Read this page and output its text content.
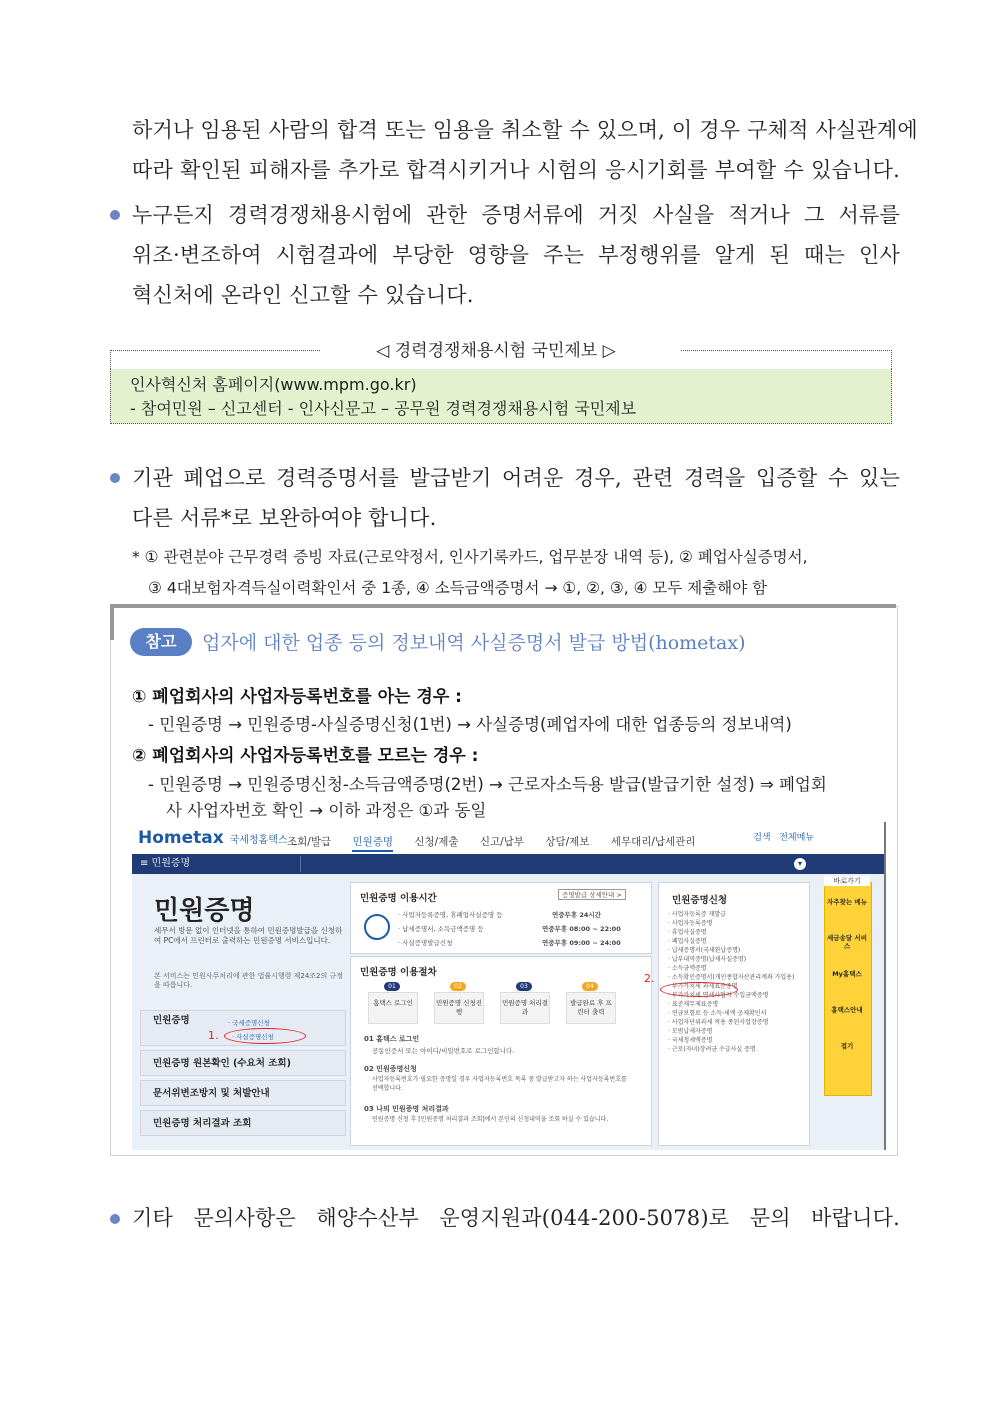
하거나 임용된 사람의 합격 또는 임용을 취소할 수 있으며, 이 경우 구체적 사실관계에
따라 확인된 피해자를 추가로 합격시키거나 시험의 응시기회를 부여할 수 있습니다.
누구든지 경력경쟁채용시험에 관한 증명서류에 거짓 사실을 적거나 그 서류를
위조·변조하여 시험결과에 부당한 영향을 주는 부정행위를 알게 된 때는 인사
혁신처에 온라인 신고할 수 있습니다.
◁ 경력경쟁채용시험 국민제보 ▷
인사혁신처 홈페이지(www.mpm.go.kr)
- 참여민원 – 신고센터 - 인사신문고 – 공무원 경력경쟁채용시험 국민제보
기관 폐업으로 경력증명서를 발급받기 어려운 경우, 관련 경력을 입증할 수 있는
다른 서류*로 보완하여야 합니다.
* ① 관련분야 근무경력 증빙 자료(근로약정서, 인사기록카드, 업무분장 내역 등), ② 폐업사실증명서,
③ 4대보험자격득실이력확인서 중 1종, ④ 소득금액증명서 → ①, ②, ③, ④ 모두 제출해야 함
참고	업자에 대한 업종 등의 정보내역 사실증명서 발급 방법(hometax)
① 폐업회사의 사업자등록번호를 아는 경우 :
- 민원증명 → 민원증명-사실증명신청(1번) → 사실증명(폐업자에 대한 업종등의 정보내역)
② 폐업회사의 사업자등록번호를 모르는 경우 :
- 민원증명 → 민원증명신청-소득금액증명(2번) → 근로자소득용 발급(발급기한 설정) ⇒ 폐업회
사 사업자번호 확인 → 이하 과정은 ①과 동일
Hometax 국세청홈택스 조회/발급 민원증명 신청/제출 신고/납부 상담/제보 세무대리/납세관리	검색 전체메뉴
≡ 민원증명	▾
민원증명
세무서 방문 없이 인터넷을 통하여 민원증명발급을 신청하여 PC에서 프린터로 출력하는 민원증명 서비스입니다.
본 서비스는 민원사무처리에 관한 법률시행령 제24조2의 규정을 따릅니다.
민원증명	· 국세증명신청
· 사실증명신청
1.
민원증명 원본확인 (수요처 조회)
문서위변조방지 및 처발안내
민원증명 처리결과 조회
민원증명 이용시간	증명발급 상세안내 >
· 사업자등록증명, 휴폐업사실증명 등	연중무휴 24시간
· 납세증명서, 소득금액증명 등	연중무휴 08:00 ~ 22:00
· 사실증명발급신청	연중무휴 09:00 ~ 24:00
민원증명 이용절차
01	02	03	04
홈택스 로그인	민원증명 신청진행
민원증명 처리결과
발급완료 후 프린터 출력
01 홈택스 로그인
공동인증서 또는 아이디/비밀번호로 로그인합니다.
02 민원증명신청
사업자등록번호가 필요한 증명일 경우 사업자등록번호 목록 중 발급받고자 하는 사업자등록번호를 선택합니다.
03 나의 민원증명 처리결과
민원증명 신청 후 [민원증명 처리결과 조회]에서 본인의 신청내역을 조회 하실 수 있습니다.
민원증명신청
· 사업자등록증 재발급
· 사업자등록증명
· 휴업사실증명
· 폐업사실증명
· 납세증명서(국세완납증명)
· 납부내역증명(납세사실증명)
· 소득금액증명
· 소득확인증명서(개인종합자산관리계좌 가입용)
· 부가가치세 과세표준증명
· 부가가치세 면세사업자 수입금액증명
· 표준재무제표증명
· 연금보험료 등 소득·세액 공제확인서
· 사업자단위과세 적용 종된사업장증명
· 모범납세자증명
· 국세청세액증명
· 근로(자녀)장려금 수급사실 증명
2.
바로가기
자주찾는 메뉴
세금송달 서비스
My홈택스
홈택스안내
접기
기타 문의사항은 해양수산부 운영지원과(044-200-5078)로 문의 바랍니다.
